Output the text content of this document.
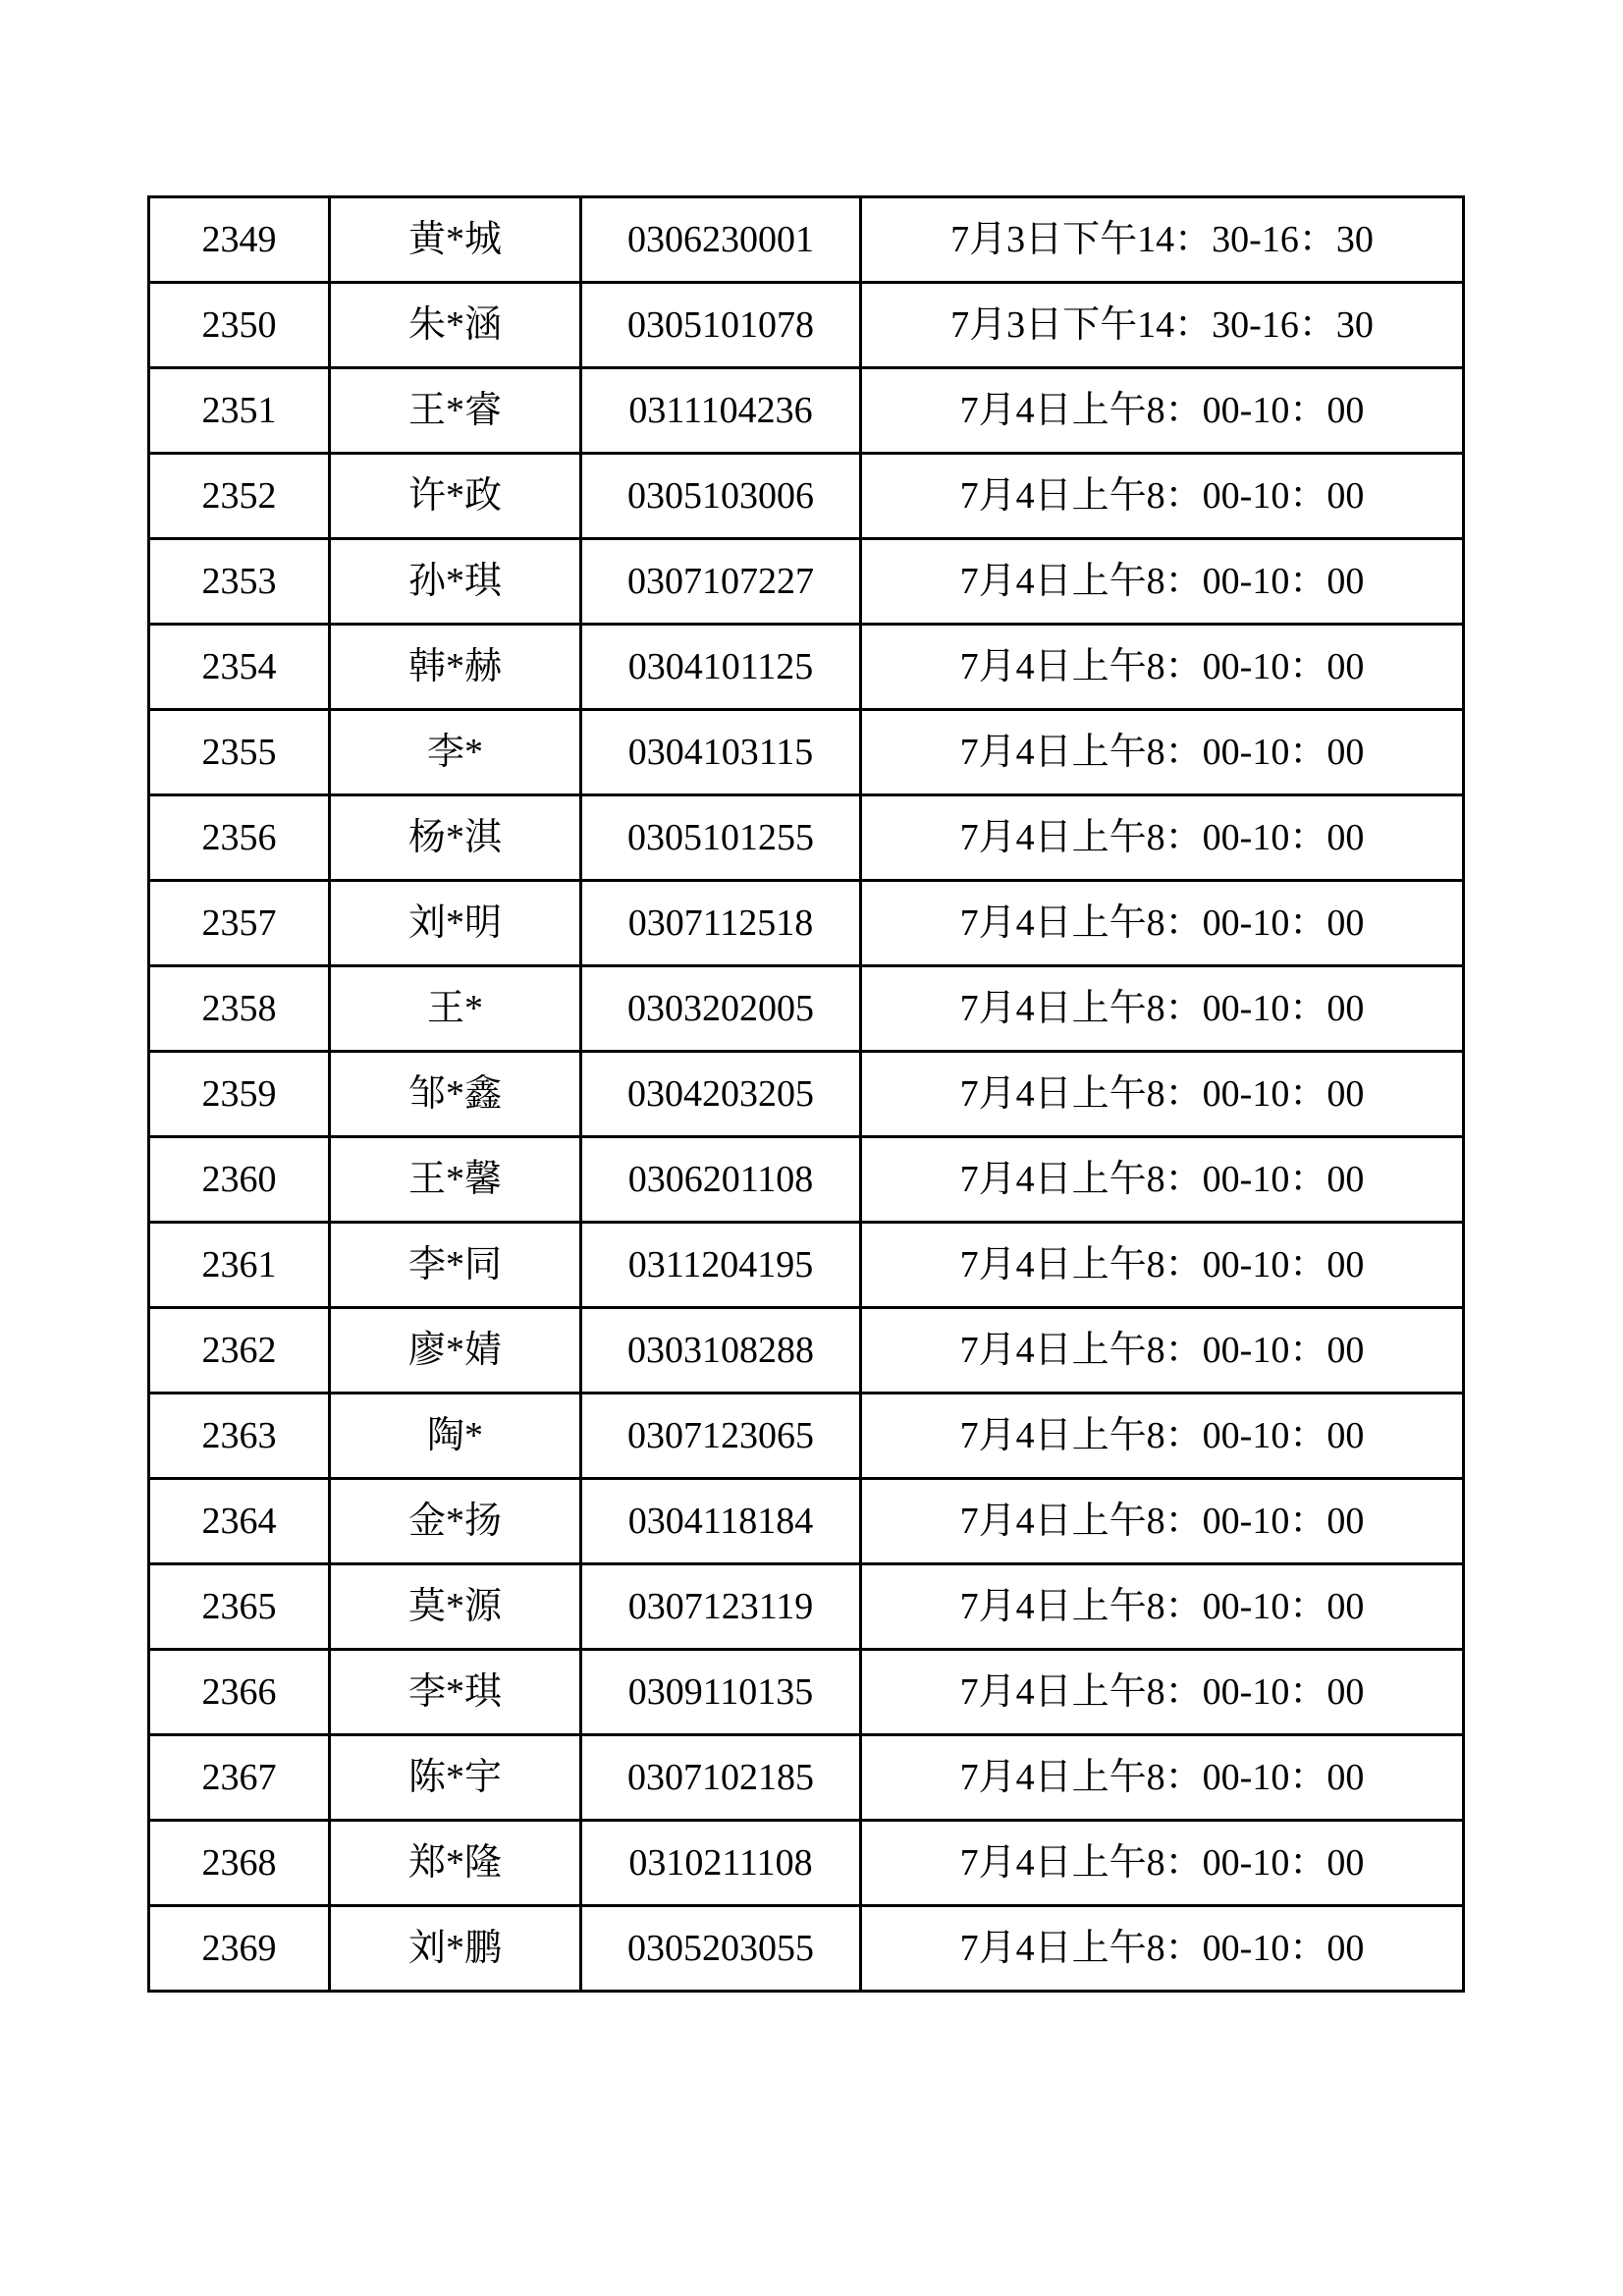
2349	黄*城	0306230001	7月3日下午14：30-16：30
2350	朱*涵	0305101078	7月3日下午14：30-16：30
2351	王*睿	0311104236	7月4日上午8：00-10：00
2352	许*政	0305103006	7月4日上午8：00-10：00
2353	孙*琪	0307107227	7月4日上午8：00-10：00
2354	韩*赫	0304101125	7月4日上午8：00-10：00
2355	李*	0304103115	7月4日上午8：00-10：00
2356	杨*淇	0305101255	7月4日上午8：00-10：00
2357	刘*明	0307112518	7月4日上午8：00-10：00
2358	王*	0303202005	7月4日上午8：00-10：00
2359	邹*鑫	0304203205	7月4日上午8：00-10：00
2360	王*馨	0306201108	7月4日上午8：00-10：00
2361	李*同	0311204195	7月4日上午8：00-10：00
2362	廖*婧	0303108288	7月4日上午8：00-10：00
2363	陶*	0307123065	7月4日上午8：00-10：00
2364	金*扬	0304118184	7月4日上午8：00-10：00
2365	莫*源	0307123119	7月4日上午8：00-10：00
2366	李*琪	0309110135	7月4日上午8：00-10：00
2367	陈*宇	0307102185	7月4日上午8：00-10：00
2368	郑*隆	0310211108	7月4日上午8：00-10：00
2369	刘*鹏	0305203055	7月4日上午8：00-10：00
